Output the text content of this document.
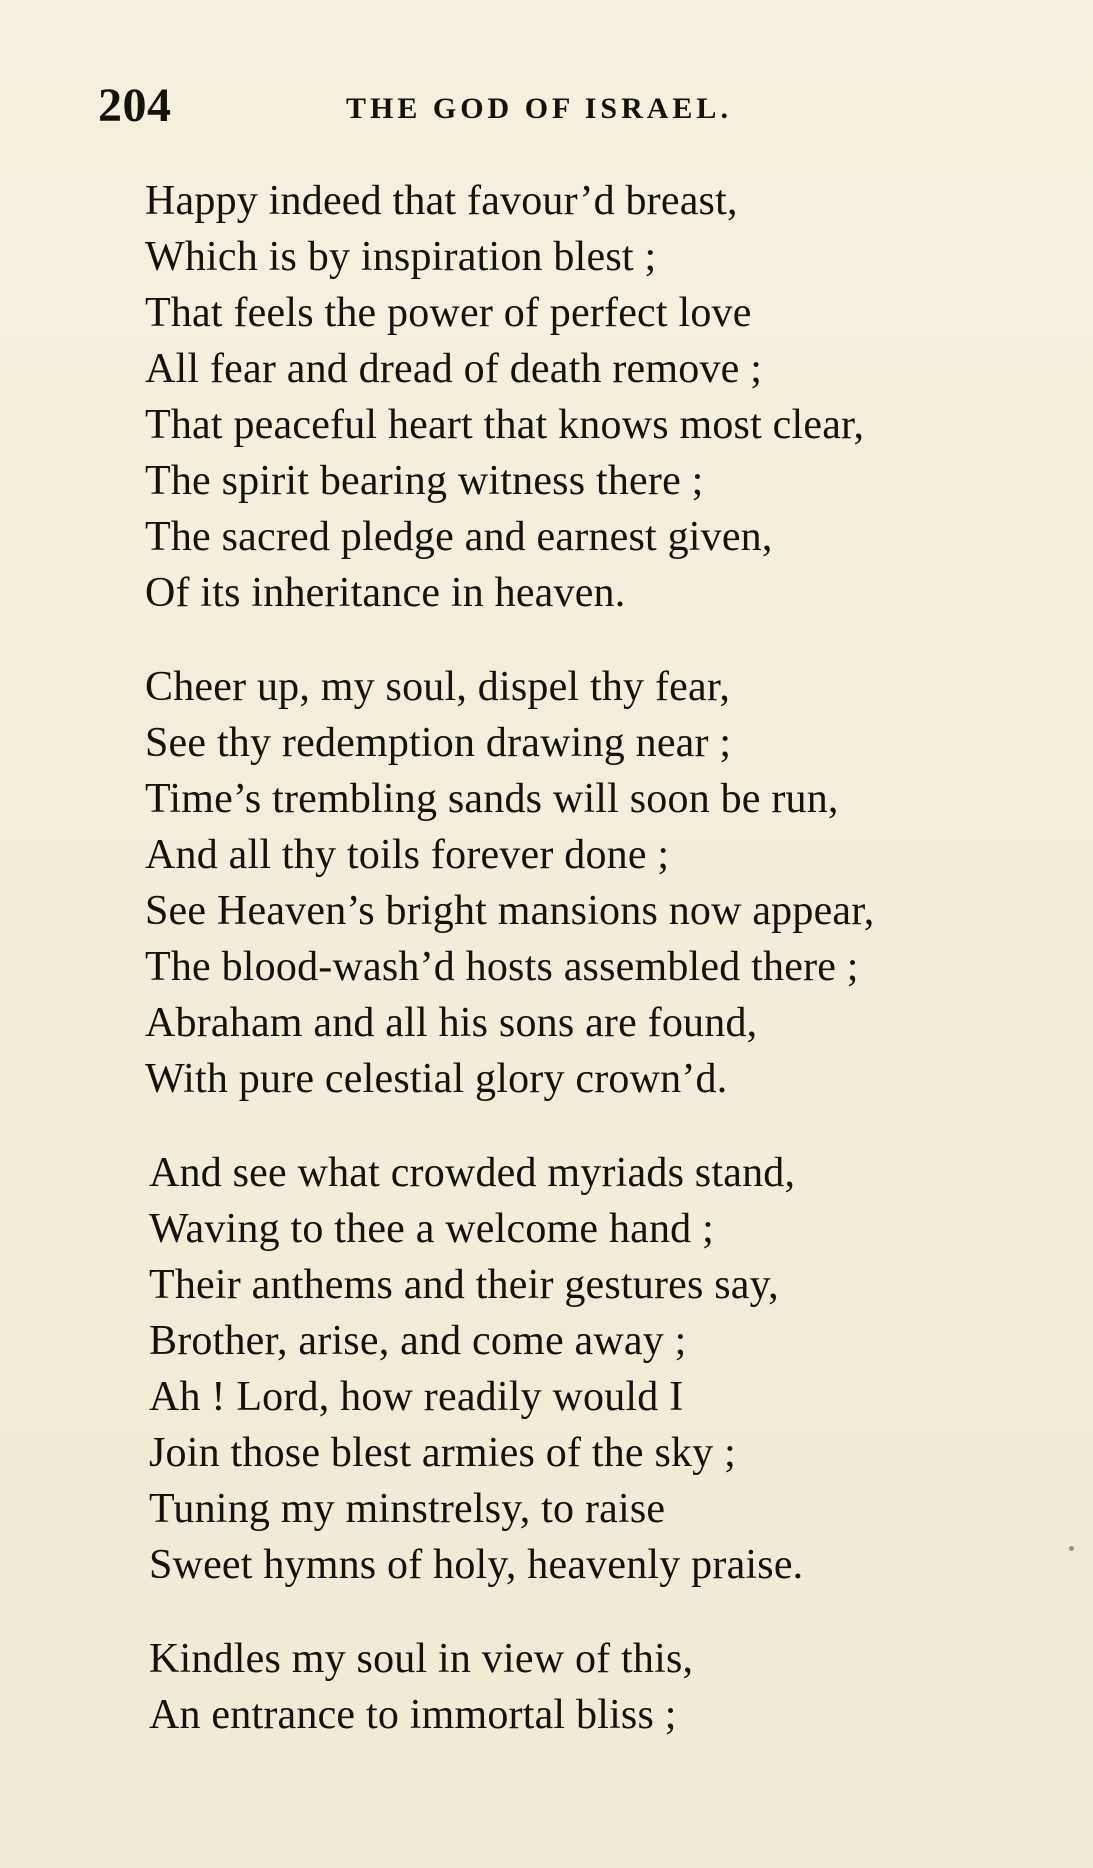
204	THE GOD OF ISRAEL.
Happy indeed that favour’d breast,
Which is by inspiration blest ;
That feels the power of perfect love
All fear and dread of death remove ;
That peaceful heart that knows most clear,
The spirit bearing witness there ;
The sacred pledge and earnest given,
Of its inheritance in heaven.
Cheer up, my soul, dispel thy fear,
See thy redemption drawing near ;
Time’s trembling sands will soon be run,
And all thy toils forever done ;
See Heaven’s bright mansions now appear,
The blood-wash’d hosts assembled there ;
Abraham and all his sons are found,
With pure celestial glory crown’d.
And see what crowded myriads stand,
Waving to thee a welcome hand ;
Their anthems and their gestures say,
Brother, arise, and come away ;
Ah ! Lord, how readily would I
Join those blest armies of the sky ;
Tuning my minstrelsy, to raise
Sweet hymns of holy, heavenly praise.
Kindles my soul in view of this,
An entrance to immortal bliss ;
